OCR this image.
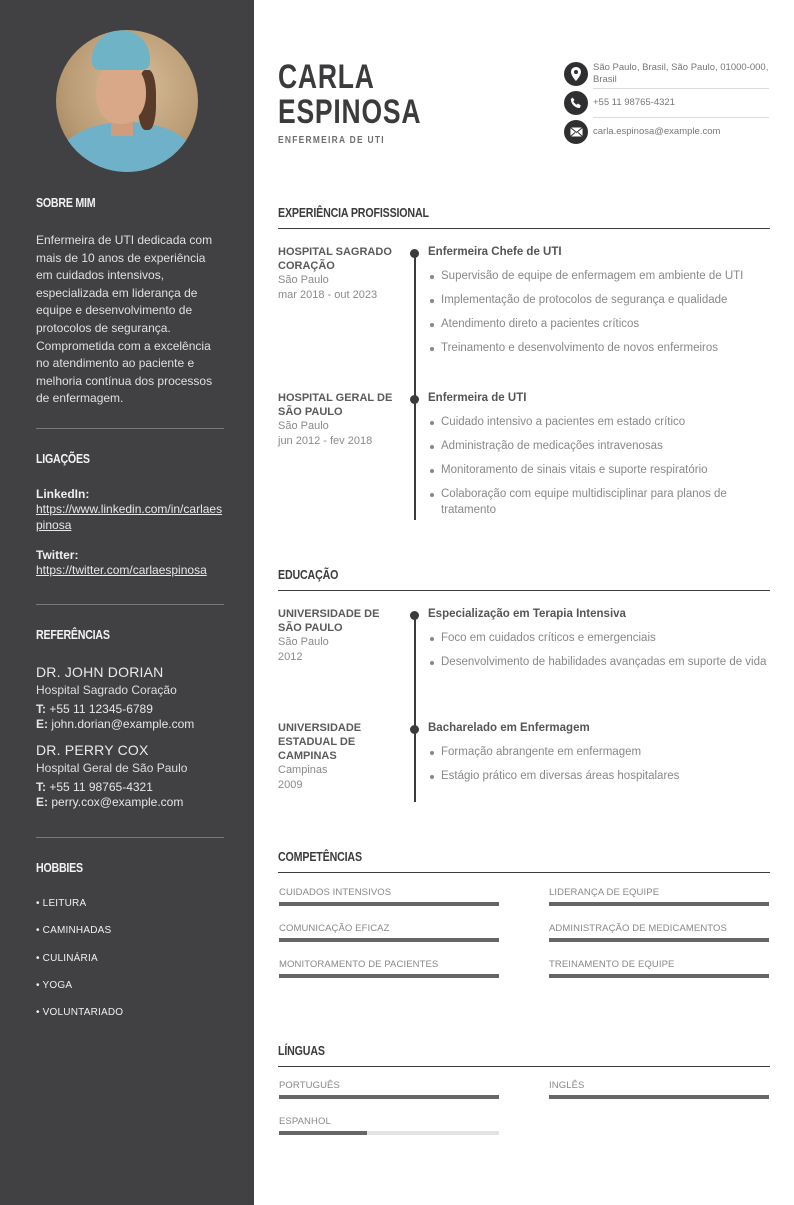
SOBRE MIM

Enfermeira de UTI dedicada com mais de 10 anos de experiência em cuidados intensivos, especializada em liderança de equipe e desenvolvimento de protocolos de segurança. Comprometida com a excelência no atendimento ao paciente e melhoria contínua dos processos de enfermagem.

LIGAÇÕES
LinkedIn:
https://www.linkedin.com/in/carlaespinosa
Twitter:
https://twitter.com/carlaespinosa
REFERÊNCIAS
DR. JOHN DORIAN
Hospital Sagrado Coração
T: +55 11 12345-6789
E: john.dorian@example.com
DR. PERRY COX
Hospital Geral de São Paulo
T: +55 11 98765-4321
E: perry.cox@example.com
HOBBIES
• LEITURA
• CAMINHADAS
• CULINÁRIA
• YOGA
• VOLUNTARIADO
CARLA
ESPINOSA
ENFERMEIRA DE UTI
São Paulo, Brasil, São Paulo, 01000-000, Brasil
+55 11 98765-4321
carla.espinosa@example.com
EXPERIÊNCIA PROFISSIONAL
HOSPITAL SAGRADO CORAÇÃO
São Paulo
mar 2018 - out 2023
Enfermeira Chefe de UTI
Supervisão de equipe de enfermagem em ambiente de UTI
Implementação de protocolos de segurança e qualidade
Atendimento direto a pacientes críticos
Treinamento e desenvolvimento de novos enfermeiros
HOSPITAL GERAL DE SÃO PAULO
São Paulo
jun 2012 - fev 2018
Enfermeira de UTI
Cuidado intensivo a pacientes em estado crítico
Administração de medicações intravenosas
Monitoramento de sinais vitais e suporte respiratório
Colaboração com equipe multidisciplinar para planos de tratamento
EDUCAÇÃO
UNIVERSIDADE DE SÃO PAULO
São Paulo
2012
Especialização em Terapia Intensiva
Foco em cuidados críticos e emergenciais
Desenvolvimento de habilidades avançadas em suporte de vida
UNIVERSIDADE ESTADUAL DE CAMPINAS
Campinas
2009
Bacharelado em Enfermagem
Formação abrangente em enfermagem
Estágio prático em diversas áreas hospitalares
COMPETÊNCIAS
CUIDADOS INTENSIVOS	LIDERANÇA DE EQUIPE
COMUNICAÇÃO EFICAZ	ADMINISTRAÇÃO DE MEDICAMENTOS
MONITORAMENTO DE PACIENTES	TREINAMENTO DE EQUIPE
LÍNGUAS
PORTUGUÊS	INGLÊS
ESPANHOL
